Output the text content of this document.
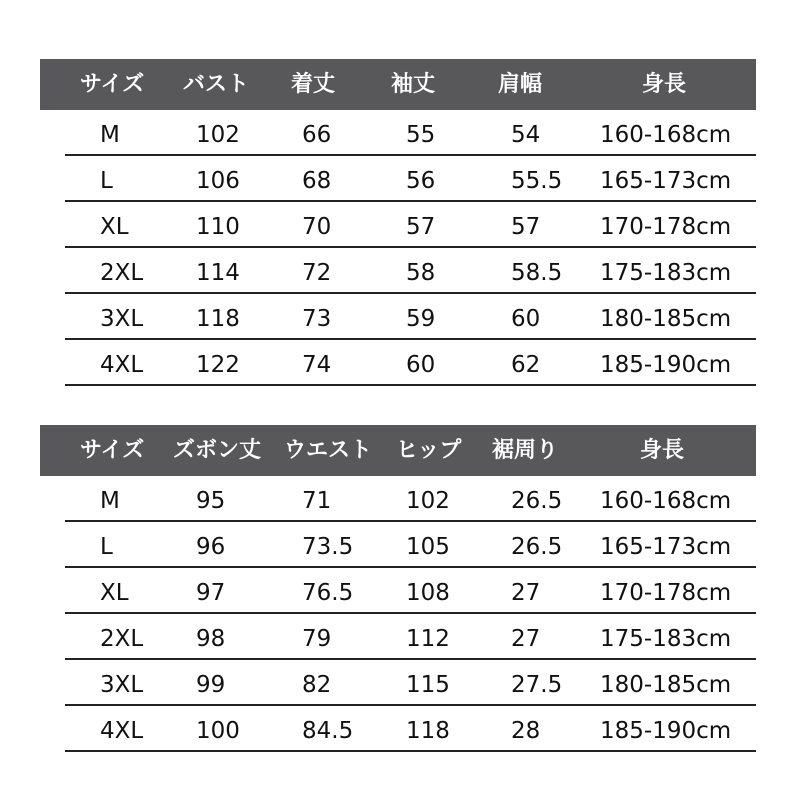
サイズ バスト 着丈	袖丈	肩幅	身長
M	102	66	55	54	160-168cm
L	106	68	56	55.5 165-173cm
XL	110	70	57	57	170-178cm
2XL 114	72	58	58.5 175-183cm
3XL 118	73	59	60	180-185cm
4XL 122	74	60	62	185-190cm
サイズ ズボン丈 ウエスト ヒップ 裾周り	身長
M	95	71	102	26.5 160-168cm
L	96	73.5 105	26.5 165-173cm
XL	97	76.5 108	27	170-178cm
2XL 98	79	112	27	175-183cm
3XL 99	82	115	27.5 180-185cm
4XL 100	84.5 118	28	185-190cm
